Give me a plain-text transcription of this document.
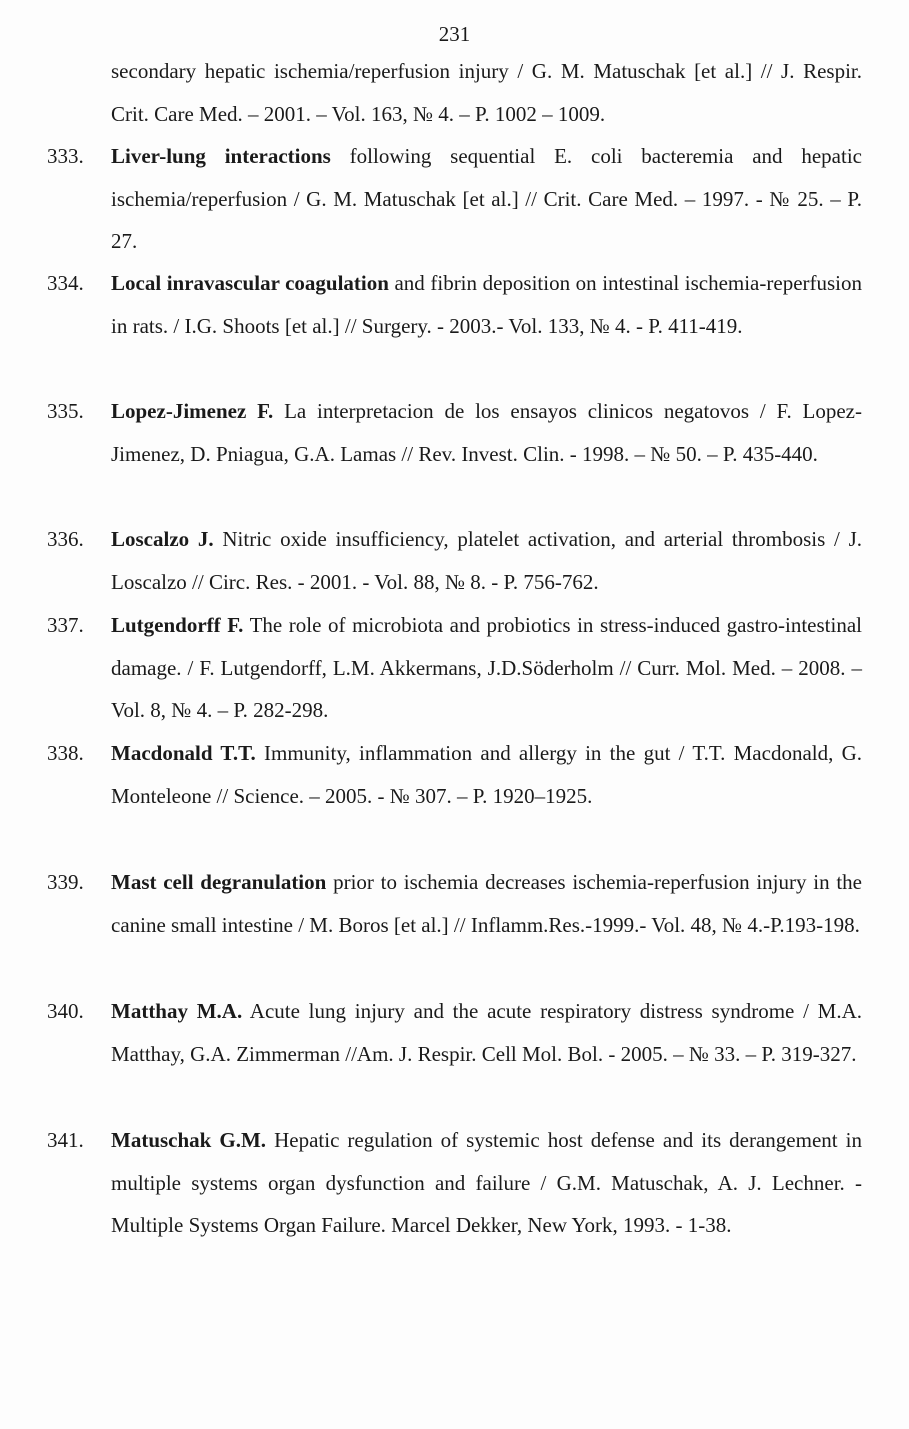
231
secondary hepatic ischemia/reperfusion injury / G. M. Matuschak [et al.] // J. Respir. Crit. Care Med. – 2001. – Vol. 163, № 4. – P. 1002 – 1009.
333.	Liver-lung interactions following sequential E. coli bacteremia and hepatic ischemia/reperfusion / G. M. Matuschak [et al.] // Crit. Care Med. – 1997. - № 25. – P. 27.
334.	Local inravascular coagulation and fibrin deposition on intestinal ischemia-reperfusion in rats. / I.G. Shoots [et al.] // Surgery. - 2003.- Vol. 133, № 4. - P. 411-419.
335.	Lopez-Jimenez F. La interpretacion de los ensayos clinicos negatovos / F. Lopez-Jimenez, D. Pniagua, G.A. Lamas // Rev. Invest. Clin. - 1998. – № 50. – P. 435-440.
336.	Loscalzo J. Nitric oxide insufficiency, platelet activation, and arterial thrombosis / J. Loscalzo // Circ. Res. - 2001. - Vol. 88, № 8. - P. 756-762.
337.	Lutgendorff F. The role of microbiota and probiotics in stress-induced gastro-intestinal damage. / F. Lutgendorff, L.M. Akkermans, J.D.Söderholm // Curr. Mol. Med. – 2008. – Vol. 8, № 4. – P. 282-298.
338.	Macdonald T.T. Immunity, inflammation and allergy in the gut / T.T. Macdonald, G. Monteleone // Science. – 2005. - № 307. – P. 1920–1925.
339.	Mast cell degranulation prior to ischemia decreases ischemia-reperfusion injury in the canine small intestine / M. Boros [et al.] // Inflamm.Res.-1999.- Vol. 48, № 4.-P.193-198.
340.	Matthay M.A. Acute lung injury and the acute respiratory distress syndrome / M.A. Matthay, G.A. Zimmerman //Am. J. Respir. Cell Mol. Bol. - 2005. – № 33. – P. 319-327.
341.	Matuschak G.M. Hepatic regulation of systemic host defense and its derangement in multiple systems organ dysfunction and failure / G.M. Matuschak, A. J. Lechner. - Multiple Systems Organ Failure. Marcel Dekker, New York, 1993. - 1-38.
